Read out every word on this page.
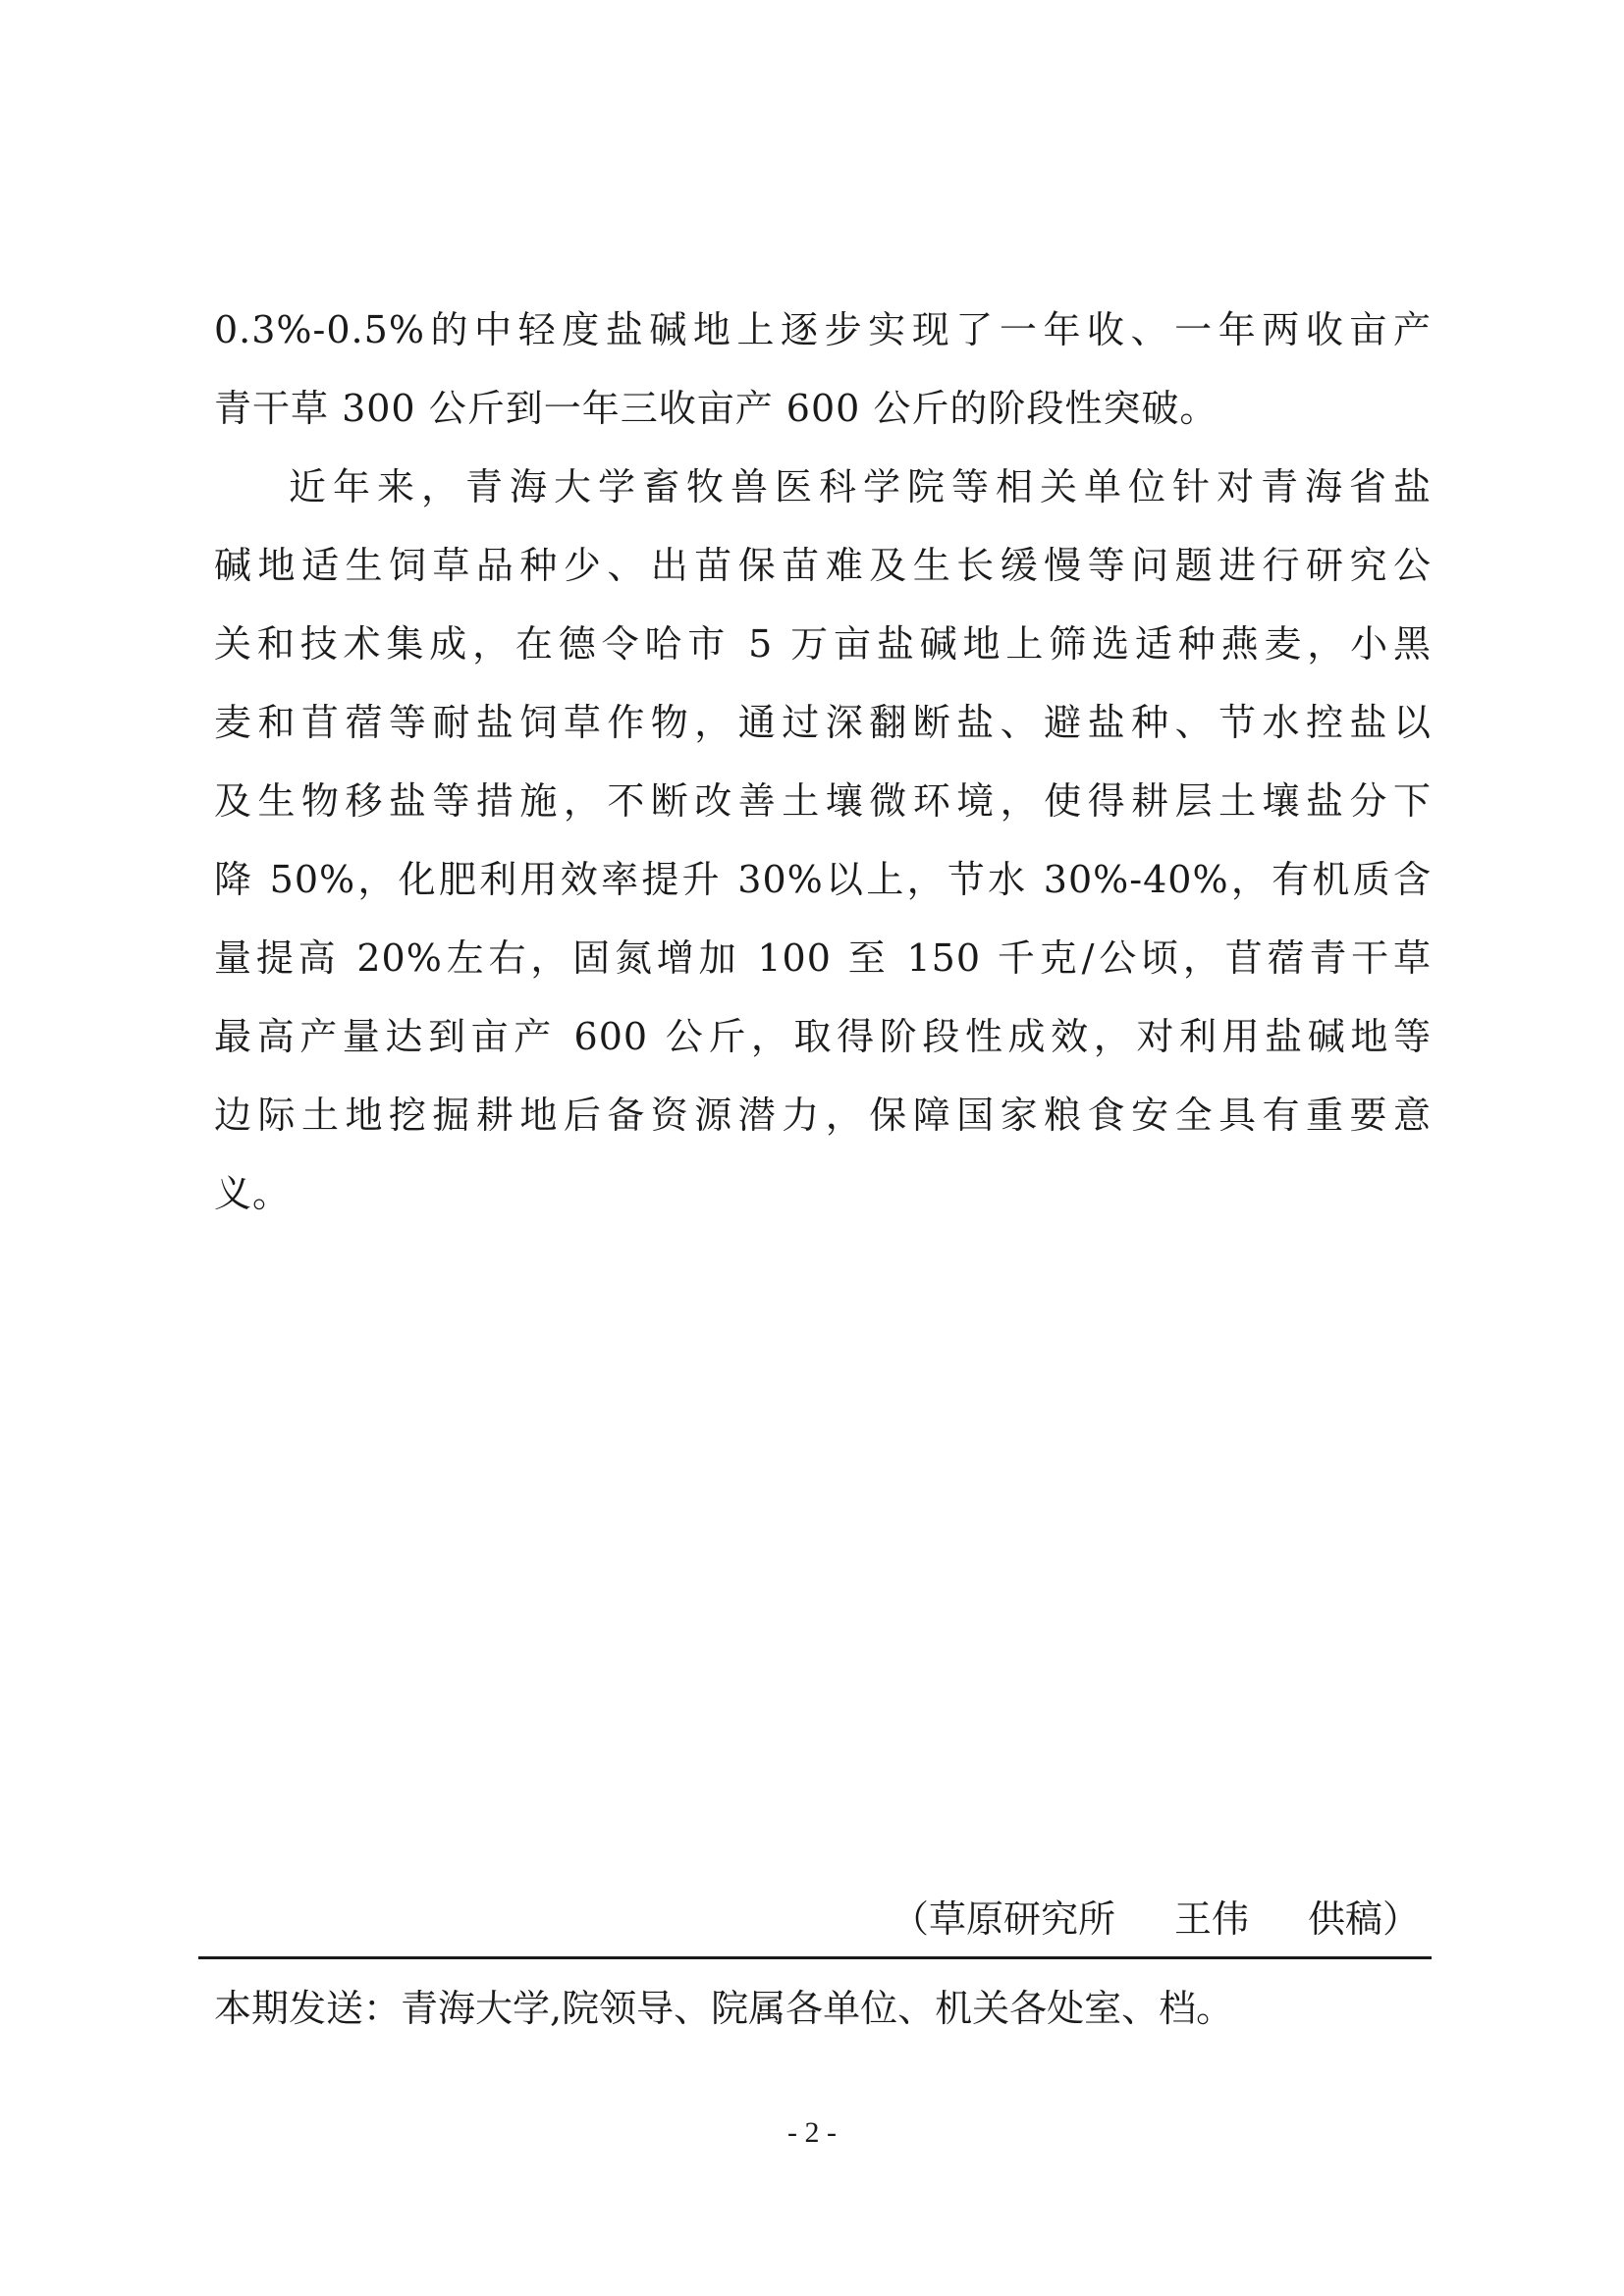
0.3%-0.5%的中轻度盐碱地上逐步实现了一年收、一年两收亩产
青干草 300 公斤到一年三收亩产 600 公斤的阶段性突破。
近年来，青海大学畜牧兽医科学院等相关单位针对青海省盐
碱地适生饲草品种少、出苗保苗难及生长缓慢等问题进行研究公
关和技术集成，在德令哈市 5 万亩盐碱地上筛选适种燕麦，小黑
麦和苜蓿等耐盐饲草作物，通过深翻断盐、避盐种、节水控盐以
及生物移盐等措施，不断改善土壤微环境，使得耕层土壤盐分下
降 50%，化肥利用效率提升 30%以上，节水 30%-40%，有机质含
量提高 20%左右，固氮增加 100 至 150 千克/公顷，苜蓿青干草
最高产量达到亩产 600 公斤，取得阶段性成效，对利用盐碱地等
边际土地挖掘耕地后备资源潜力，保障国家粮食安全具有重要意
义。
（草原研究所 王伟 供稿）
本期发送：青海大学,院领导、院属各单位、机关各处室、档。
- 2 -
